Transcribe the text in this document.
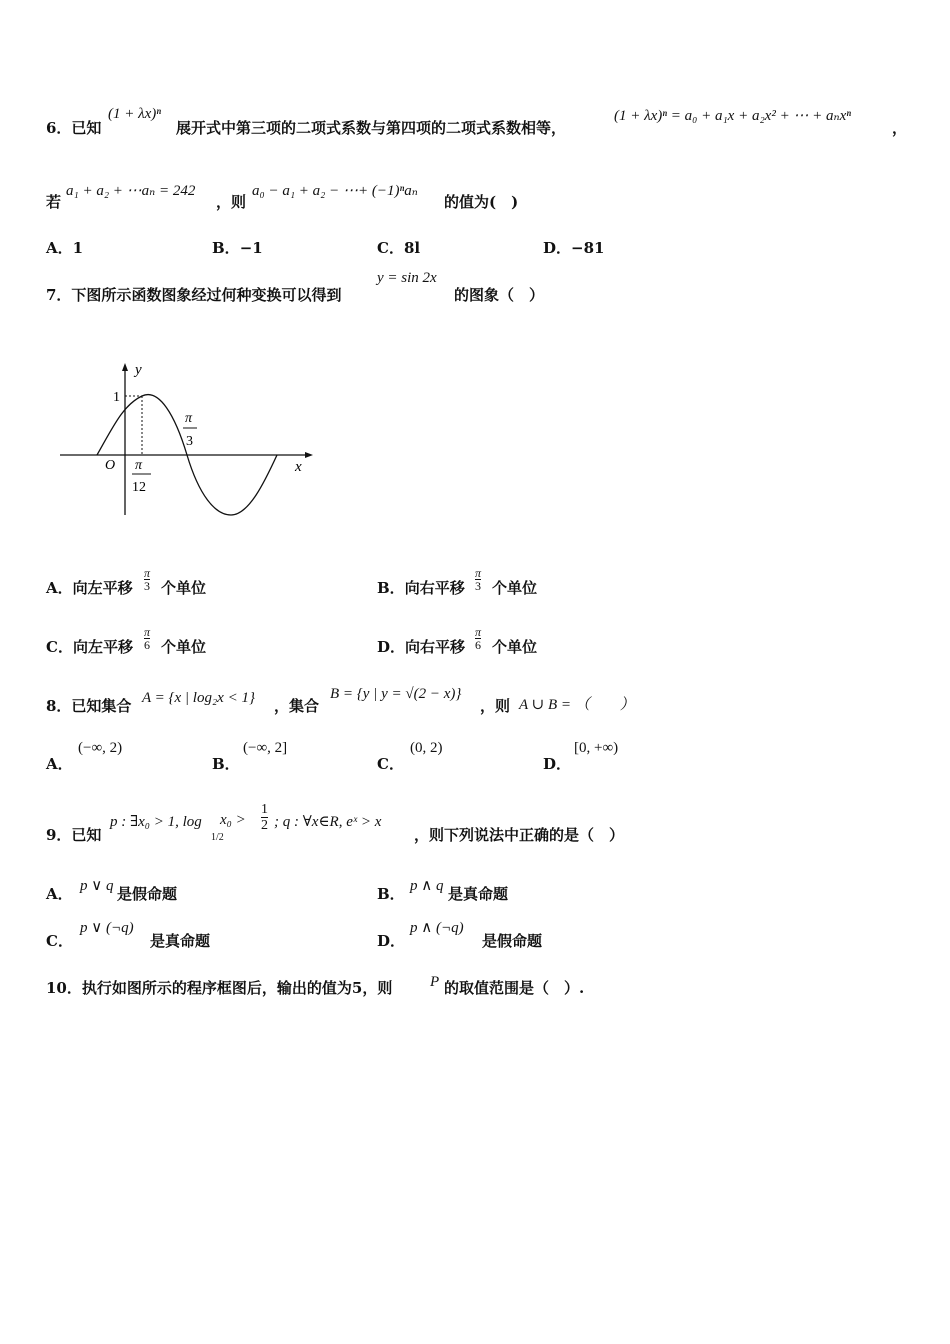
6．已知
(1 + λx)ⁿ
展开式中第三项的二项式系数与第四项的二项式系数相等，
(1 + λx)ⁿ = a₀ + a₁x + a₂x² + ⋯ + aₙxⁿ
，
若
a₁ + a₂ + ⋯aₙ = 242
，则
a₀ − a₁ + a₂ − ⋯+ (−1)ⁿaₙ
的值为(　)
A．1	B．−1	C．8l	D．−81
7．下图所示函数图象经过何种变换可以得到
y = sin 2x
的图象（　）
y
x
O
1
π
12
π
3
A．向左平移
π
3 个单位	B．向右平移
π
3 个单位
C．向左平移
π
6 个单位	D．向右平移
π
6 个单位
8．已知集合 A = {x | log₂x < 1} ，集合
B = {y | y = √(2 − x)}
，则 A ∪ B = （　　）
A．
(−∞, 2)
B．
(−∞, 2]
C．
(0, 2)
D．
[0, +∞)
9．已知
p : ∃x₀ > 1, log
1/2
x₀ >
1
2 ; q : ∀x∈R, eˣ > x
，则下列说法中正确的是（　）
A． p ∨ q 是假命题	B． p ∧ q 是真命题
C．
p ∨ (¬q)
是真命题	D．
p ∧ (¬q)
是假命题
10．执行如图所示的程序框图后，输出的值为5，则	P 的取值范围是（　）.
